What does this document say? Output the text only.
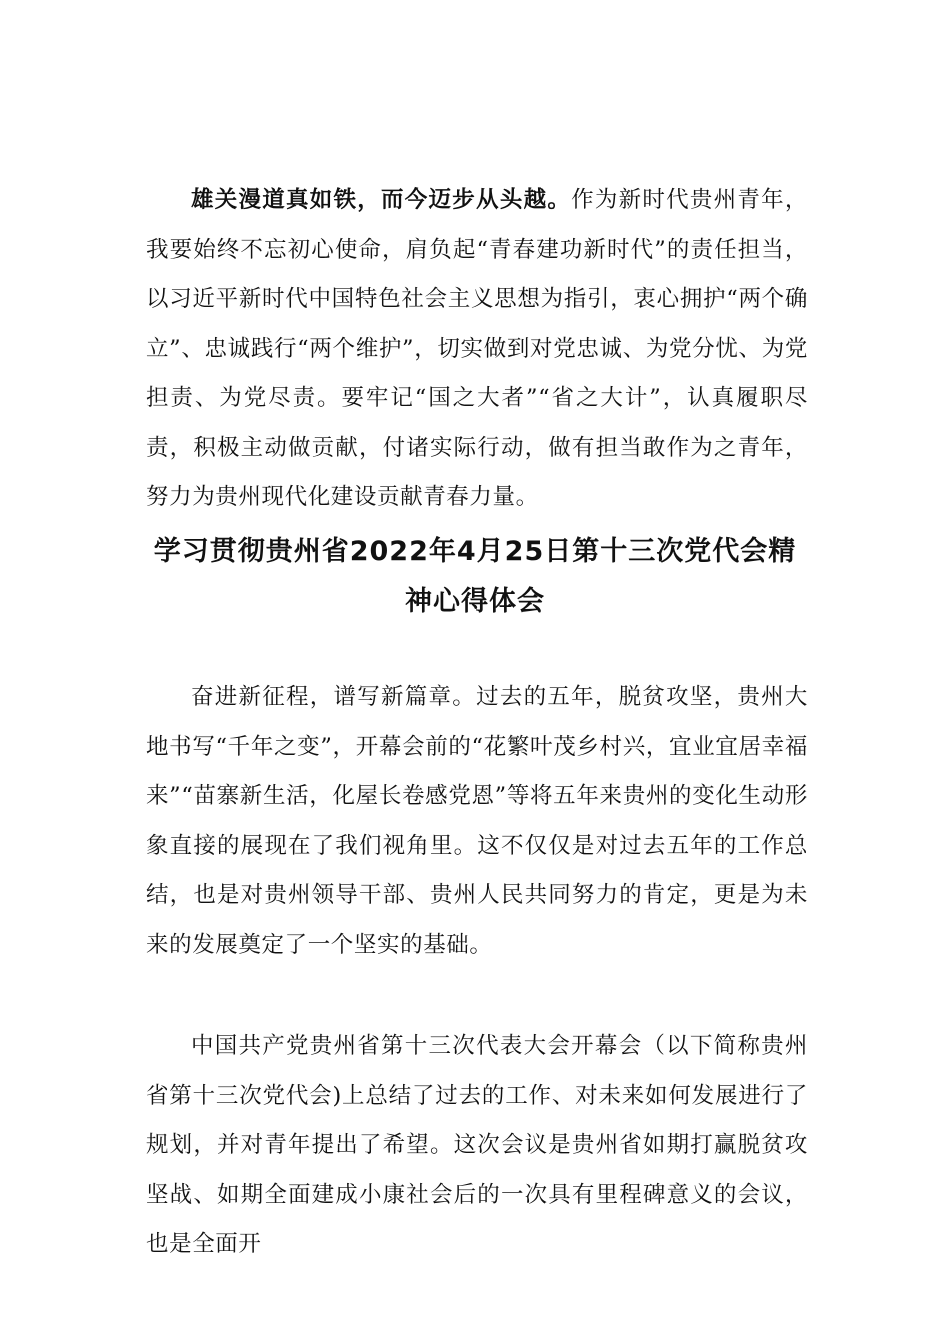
雄关漫道真如铁，而今迈步从头越。作为新时代贵州青年，我要始终不忘初心使命，肩负起“青春建功新时代”的责任担当，以习近平新时代中国特色社会主义思想为指引，衷心拥护“两个确立”、忠诚践行“两个维护”，切实做到对党忠诚、为党分忧、为党担责、为党尽责。要牢记“国之大者”“省之大计”，认真履职尽责，积极主动做贡献，付诸实际行动，做有担当敢作为之青年，努力为贵州现代化建设贡献青春力量。

学习贯彻贵州省2022年4月25日第十三次党代会精
神心得体会

奋进新征程，谱写新篇章。过去的五年，脱贫攻坚，贵州大地书写“千年之变”，开幕会前的“花繁叶茂乡村兴，宜业宜居幸福来”“苗寨新生活，化屋长卷感党恩”等将五年来贵州的变化生动形象直接的展现在了我们视角里。这不仅仅是对过去五年的工作总结，也是对贵州领导干部、贵州人民共同努力的肯定，更是为未来的发展奠定了一个坚实的基础。

中国共产党贵州省第十三次代表大会开幕会（以下简称贵州省第十三次党代会)上总结了过去的工作、对未来如何发展进行了规划，并对青年提出了希望。这次会议是贵州省如期打赢脱贫攻坚战、如期全面建成小康社会后的一次具有里程碑意义的会议，也是全面开
